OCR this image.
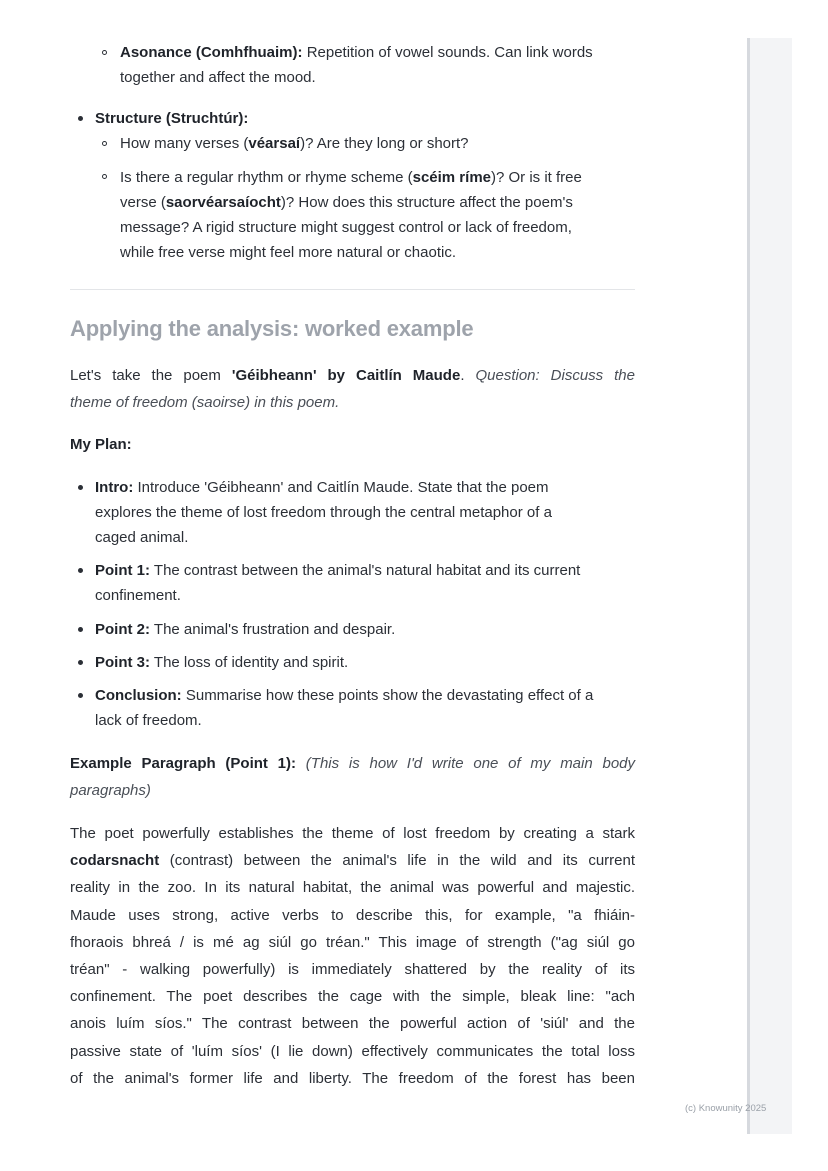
(c) Knowunity 2025
Asonance (Comhfhuaim): Repetition of vowel sounds. Can link words
together and affect the mood.
Structure (Struchtúr):
How many verses (véarsaí)? Are they long or short?
Is there a regular rhythm or rhyme scheme (scéim ríme)? Or is it free
verse (saorvéarsaíocht)? How does this structure affect the poem's
message? A rigid structure might suggest control or lack of freedom,
while free verse might feel more natural or chaotic.
Applying the analysis: worked example
Let's take the poem 'Géibheann' by Caitlín Maude. Question: Discuss the
theme of freedom (saoirse) in this poem.
My Plan:
Intro: Introduce 'Géibheann' and Caitlín Maude. State that the poem
explores the theme of lost freedom through the central metaphor of a
caged animal.
Point 1: The contrast between the animal's natural habitat and its current
confinement.
Point 2: The animal's frustration and despair.
Point 3: The loss of identity and spirit.
Conclusion: Summarise how these points show the devastating effect of a
lack of freedom.
Example Paragraph (Point 1): (This is how I'd write one of my main body
paragraphs)
The poet powerfully establishes the theme of lost freedom by creating a stark
codarsnacht (contrast) between the animal's life in the wild and its current
reality in the zoo. In its natural habitat, the animal was powerful and majestic.
Maude uses strong, active verbs to describe this, for example, "a fhiáin-
fhoraois bhreá / is mé ag siúl go tréan." This image of strength ("ag siúl go
tréan" - walking powerfully) is immediately shattered by the reality of its
confinement. The poet describes the cage with the simple, bleak line: "ach
anois luím síos." The contrast between the powerful action of 'siúl' and the
passive state of 'luím síos' (I lie down) effectively communicates the total loss
of the animal's former life and liberty. The freedom of the forest has been
